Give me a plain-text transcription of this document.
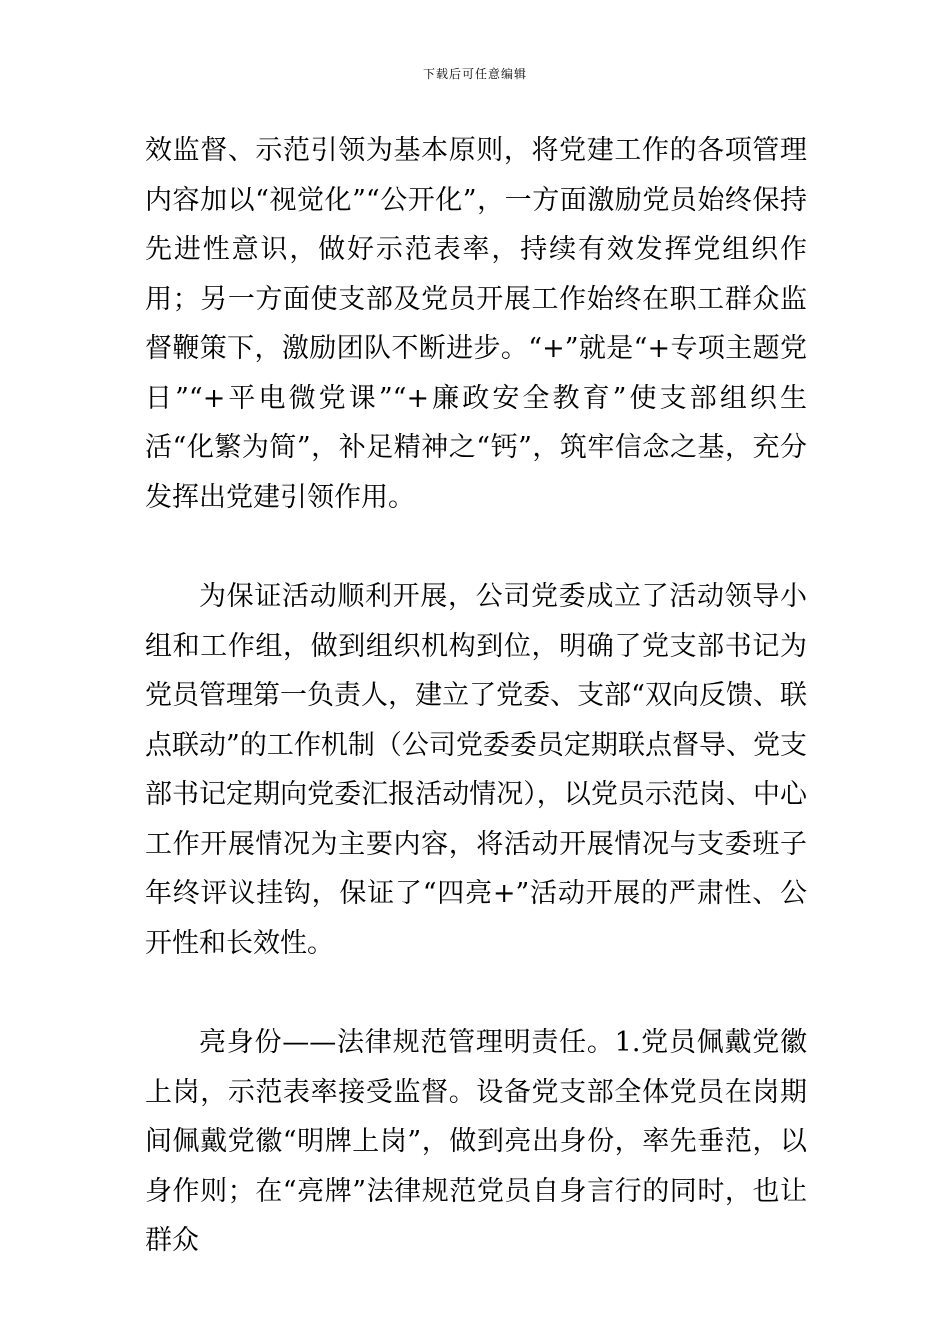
下载后可任意编辑

效监督、示范引领为基本原则，将党建工作的各项管理内容加以“视觉化”“公开化”，一方面激励党员始终保持先进性意识，做好示范表率，持续有效发挥党组织作用；另一方面使支部及党员开展工作始终在职工群众监督鞭策下，激励团队不断进步。“+”就是“+专项主题党日”“+平电微党课”“+廉政安全教育”使支部组织生活“化繁为简”，补足精神之“钙”，筑牢信念之基，充分发挥出党建引领作用。

为保证活动顺利开展，公司党委成立了活动领导小组和工作组，做到组织机构到位，明确了党支部书记为党员管理第一负责人，建立了党委、支部“双向反馈、联点联动”的工作机制（公司党委委员定期联点督导、党支部书记定期向党委汇报活动情况），以党员示范岗、中心工作开展情况为主要内容，将活动开展情况与支委班子年终评议挂钩，保证了“四亮+”活动开展的严肃性、公开性和长效性。

亮身份——法律规范管理明责任。1.党员佩戴党徽上岗，示范表率接受监督。设备党支部全体党员在岗期间佩戴党徽“明牌上岗”，做到亮出身份，率先垂范，以身作则；在“亮牌”法律规范党员自身言行的同时，也让群众
